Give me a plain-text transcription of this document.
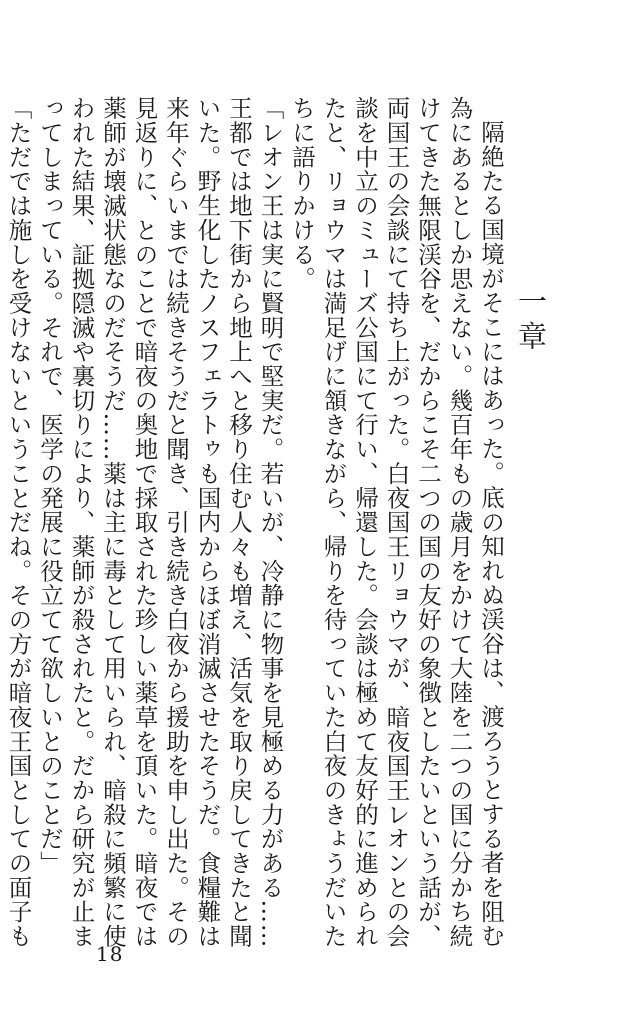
一章

隔絶たる国境がそこにはあった。底の知れぬ渓谷は、渡ろうとする者を阻む為にあるとしか思えない。幾百年もの歳月をかけて大陸を二つの国に分かち続けてきた無限渓谷を、だからこそ二つの国の友好の象徴としたいという話が、両国王の会談にて持ち上がった。白夜国王リョウマが、暗夜国王レオンとの会談を中立のミューズ公国にて行い、帰還した。会談は極めて友好的に進められたと、リョウマは満足げに頷きながら、帰りを待っていた白夜のきょうだいたちに語りかける。

「レオン王は実に賢明で堅実だ。若いが、冷静に物事を見極める力がある……王都では地下街から地上へと移り住む人々も増え、活気を取り戻してきたと聞いた。野生化したノスフェラトゥも国内からほぼ消滅させたそうだ。食糧難は来年ぐらいまでは続きそうだと聞き、引き続き白夜から援助を申し出た。その見返りに、とのことで暗夜の奥地で採取された珍しい薬草を頂いた。暗夜では薬師が壊滅状態なのだそうだ……薬は主に毒として用いられ、暗殺に頻繁に使われた結果、証拠隠滅や裏切りにより、薬師が殺されたと。だから研究が止まってしまっている。それで、医学の発展に役立てて欲しいとのことだ」

「ただでは施しを受けないということだね。その方が暗夜王国としての面子も

18
